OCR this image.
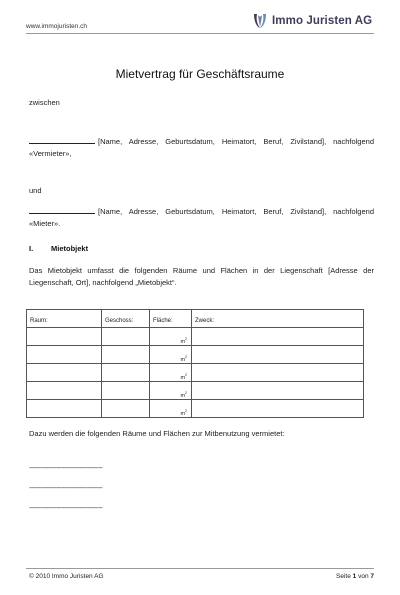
www.immojuristen.ch	Immo Juristen AG
Mietvertrag für Geschäftsraume
zwischen
[Name, Adresse, Geburtsdatum, Heimatort, Beruf, Zivilstand], nachfolgend «Vermieter»,
und
[Name, Adresse, Geburtsdatum, Heimatort, Beruf, Zivilstand], nachfolgend «Mieter».
I. Mietobjekt
Das Mietobjekt umfasst die folgenden Räume und Flächen in der Liegenschaft [Adresse der Liegenschaft, Ort], nachfolgend „Mietobjekt“.
Raum:	Geschoss:	Fläche:	Zweck:
		$m^2$	
		$m^2$	
		$m^2$	
		$m^2$	
		$m^2$	
Dazu werden die folgenden Räume und Flächen zur Mitbenutzung vermietet:
----------------------------------------
----------------------------------------
----------------------------------------
© 2010 Immo Juristen AG	Seite 1 von 7
